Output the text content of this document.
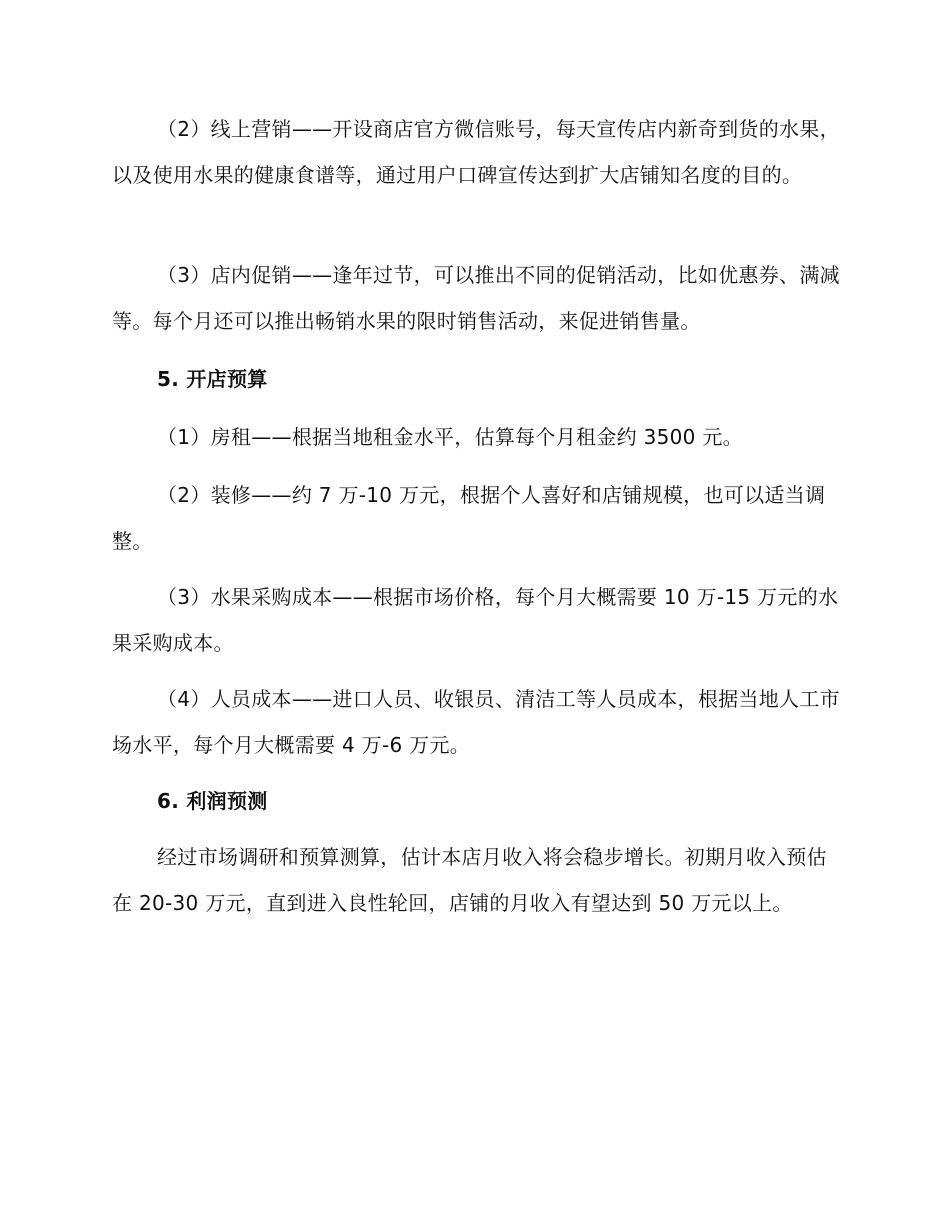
（2）线上营销——开设商店官方微信账号，每天宣传店内新奇到货的水果，以及使用水果的健康食谱等，通过用户口碑宣传达到扩大店铺知名度的目的。

（3）店内促销——逢年过节，可以推出不同的促销活动，比如优惠券、满减等。每个月还可以推出畅销水果的限时销售活动，来促进销售量。

5. 开店预算

（1）房租——根据当地租金水平，估算每个月租金约 3500 元。

（2）装修——约 7 万-10 万元，根据个人喜好和店铺规模，也可以适当调整。

（3）水果采购成本——根据市场价格，每个月大概需要 10 万-15 万元的水果采购成本。

（4）人员成本——进口人员、收银员、清洁工等人员成本，根据当地人工市场水平，每个月大概需要 4 万-6 万元。

6. 利润预测

经过市场调研和预算测算，估计本店月收入将会稳步增长。初期月收入预估在 20-30 万元，直到进入良性轮回，店铺的月收入有望达到 50 万元以上。
